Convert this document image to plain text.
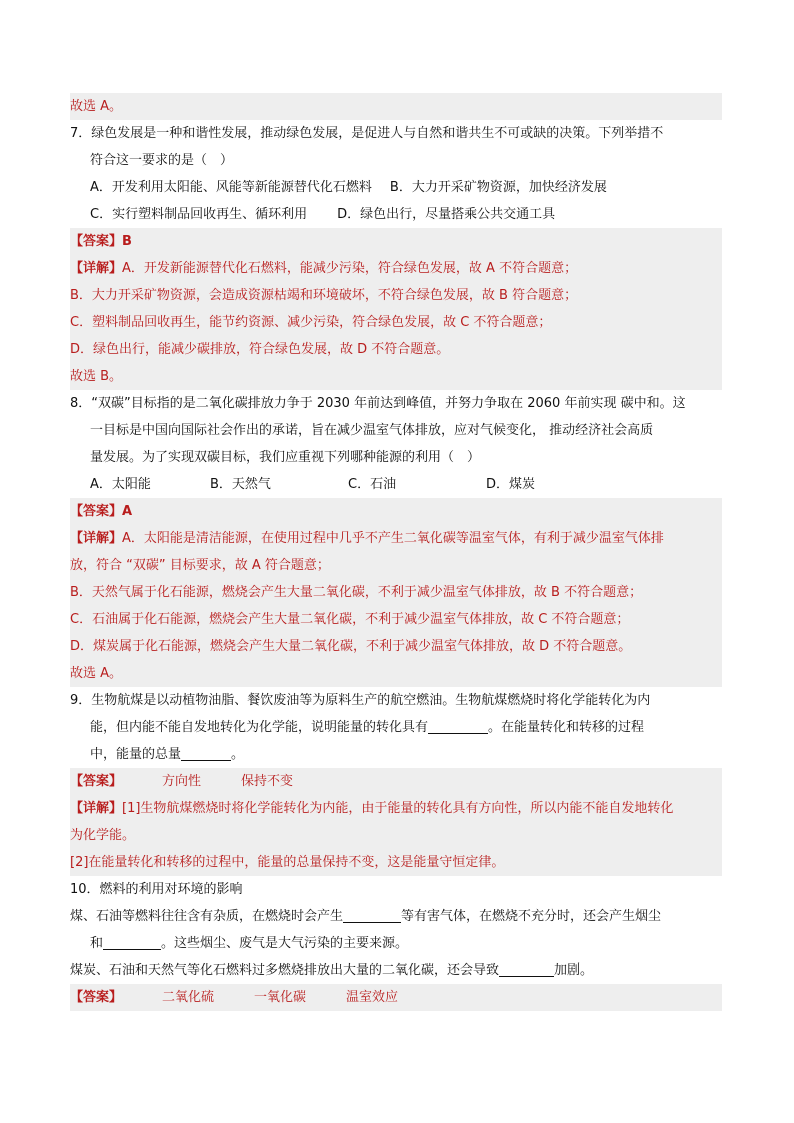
故选 A。
7．绿色发展是一种和谐性发展，推动绿色发展，是促进人与自然和谐共生不可或缺的决策。下列举措不
符合这一要求的是（　）
A．开发利用太阳能、风能等新能源替代化石燃料 B．大力开采矿物资源，加快经济发展
C．实行塑料制品回收再生、循环利用 D．绿色出行，尽量搭乘公共交通工具
【答案】B
【详解】A．开发新能源替代化石燃料，能减少污染，符合绿色发展，故 A 不符合题意；
B．大力开采矿物资源，会造成资源枯竭和环境破坏，不符合绿色发展，故 B 符合题意；
C．塑料制品回收再生，能节约资源、减少污染，符合绿色发展，故 C 不符合题意；
D．绿色出行，能减少碳排放，符合绿色发展，故 D 不符合题意。
故选 B。
8．“双碳”目标指的是二氧化碳排放力争于 2030 年前达到峰值，并努力争取在 2060 年前实现 碳中和。这
一目标是中国向国际社会作出的承诺，旨在减少温室气体排放，应对气候变化， 推动经济社会高质
量发展。为了实现双碳目标，我们应重视下列哪种能源的利用（　）
A．太阳能	B．天然气	C．石油	D．煤炭
【答案】A
【详解】A．太阳能是清洁能源，在使用过程中几乎不产生二氧化碳等温室气体，有利于减少温室气体排
放，符合 “双碳” 目标要求，故 A 符合题意；
B．天然气属于化石能源，燃烧会产生大量二氧化碳，不利于减少温室气体排放，故 B 不符合题意；
C．石油属于化石能源，燃烧会产生大量二氧化碳，不利于减少温室气体排放，故 C 不符合题意；
D．煤炭属于化石能源，燃烧会产生大量二氧化碳，不利于减少温室气体排放，故 D 不符合题意。
故选 A。
9．生物航煤是以动植物油脂、餐饮废油等为原料生产的航空燃油。生物航煤燃烧时将化学能转化为内
能，但内能不能自发地转化为化学能，说明能量的转化具有	。在能量转化和转移的过程
中，能量的总量	。
【答案】	方向性	保持不变
【详解】[1]生物航煤燃烧时将化学能转化为内能，由于能量的转化具有方向性，所以内能不能自发地转化
为化学能。
[2]在能量转化和转移的过程中，能量的总量保持不变，这是能量守恒定律。
10．燃料的利用对环境的影响
煤、石油等燃料往往含有杂质，在燃烧时会产生	等有害气体，在燃烧不充分时，还会产生烟尘
和	。这些烟尘、废气是大气污染的主要来源。
煤炭、石油和天然气等化石燃料过多燃烧排放出大量的二氧化碳，还会导致	加剧。
【答案】	二氧化硫	一氧化碳	温室效应
